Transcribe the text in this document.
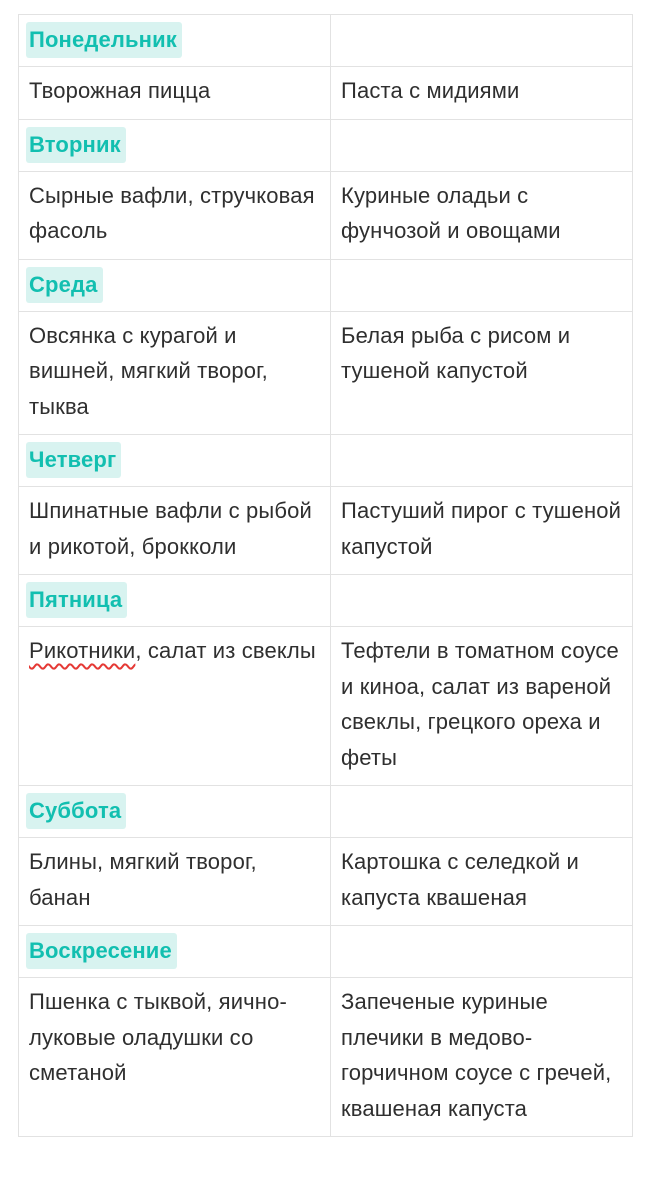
Понедельник	
Творожная пицца	Паста с мидиями
Вторник	
Сырные вафли, стручковая фасоль	Куриные оладьи с фунчозой и овощами
Среда	
Овсянка с курагой и вишней, мягкий творог, тыква	Белая рыба с рисом и тушеной капустой
Четверг	
Шпинатные вафли с рыбой и рикотой, брокколи	Пастуший пирог с тушеной капустой
Пятница	
Рикотники, салат из свеклы	Тефтели в томатном соусе и киноа, салат из вареной свеклы, грецкого ореха и феты
Суббота	
Блины, мягкий творог, банан	Картошка с селедкой и капуста квашеная
Воскресение	
Пшенка с тыквой, яично-луковые оладушки со сметаной	Запеченые куриные плечики в медово-горчичном соусе с гречей, квашеная капуста
